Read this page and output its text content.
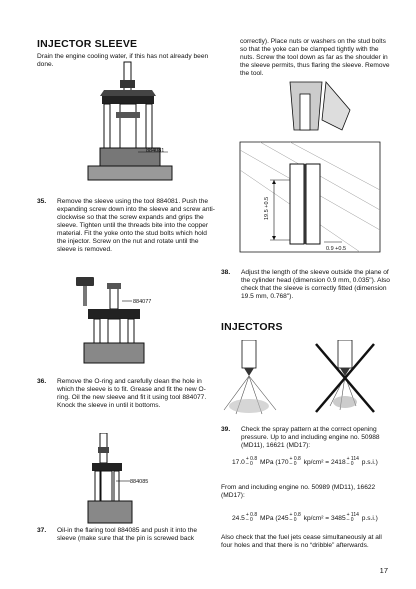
INJECTOR SLEEVE

Drain the engine cooling water, if this has not already been done.

884081
35.	Remove the sleeve using the tool 884081. Push the expanding screw down into the sleeve and screw anti-clockwise so that the screw expands and grips the sleeve. Tighten until the threads bite into the copper material. Fit the yoke onto the stud bolts which hold the injector. Screw on the nut and rotate until the sleeve is removed.
884077
36.	Remove the O-ring and carefully clean the hole in which the sleeve is to fit. Grease and fit the new O-ring. Oil the new sleeve and fit it using tool 884077. Knock the sleeve in until it bottoms.
884085
37.	Oil-in the flaring tool 884085 and push it into the sleeve (make sure that the pin is screwed back
correctly). Place nuts or washers on the stud bolts so that the yoke can be clamped tightly with the nuts. Screw the tool down as far as the shoulder in the sleeve permits, thus flaring the sleeve. Remove the tool.
19.5 +0.5
0.9 +0.5
38.	Adjust the length of the sleeve outside the plane of the cylinder head (dimension 0.9 mm, 0.035"). Also check that the sleeve is correctly fitted (dimension 19.5 mm, 0.768").
INJECTORS
39.	Check the spray pattern at the correct opening pressure. Up to and including engine no. 50988 (MD11), 16621 (MD17):
17.0 + 0.8
– 0	MPa (170 + 0.8
– 0	kp/cm² = 2418 + 114
– 0	p.s.i.)
From and including engine no. 50989 (MD11), 16622 (MD17):
24.5 + 0.8
– 0	MPa (245 + 0.8
– 0	kp/cm² = 3485 + 114
– 0	p.s.i.)
Also check that the fuel jets cease simultaneously at all four holes and that there is no “dribble” afterwards.
17
